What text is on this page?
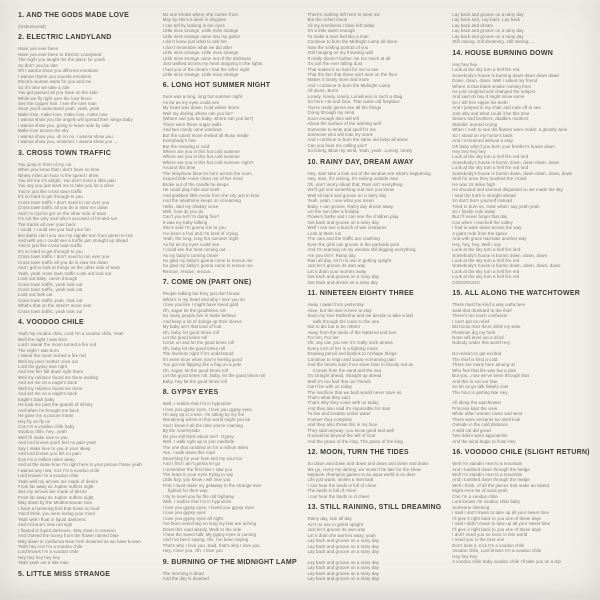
1. AND THE GODS MADE LOVE
(Instrumental)
2. ELECTRIC LANDYLAND
Have you ever been
Have you ever been to Electric Landyland
The night you taught me the place for youth
So don't you be late
Oh I wanna show you different emotions
I wanna rhyme you sounds emotions
Electric woman waits for you and me
So it's time we take a ride
You get passed all you have on the side
While we fly right over the love fence
See the copper hair, I see the love man
Soon you'll understand yeah, yeah, yeah
Make love, make love, make love, make love
I wanna show you the angels will spread their wings baby
I wanna show you, going to leave side by side
Make love across the sky
I wanna show you, uh no no, I wanna show you
I wanna show you, ummmm, I wanna show you ....
3. CROSS TOWN TRAFFIC
You jump in front of my car
When you know that I don't have no time
Ninety miles an hour is the speed I drive
You tell me it's alright, You don't mind a little pain
You say you just want me to take you for a drive
You're just like cross town traffic
It's so hard to get through to you
Cross town traffic I don't need to run over you
Cross town traffic all you do is slow me down
And I'm tryin'to get on the other side of town
I'm not the only soul who's accused of hit-and-run
Tire tracks all over your back
I could, I could see you had your fun
But darlin can't you see my signals turn from green to red
And with you I could see a traffic jam straight up ahead
You're just like cross town traffic
It's so hard to get through to you
Cross town traffic I don't need to run over you
Cross town traffic all you do is slow me down
And I got to look at things on the other side of town
Yeah, yeah cross town traffic Look out look out
Look out baby, comm through
Cross town traffic, yeah look out
Cross town traffic, yeah look out
Look out look out
Cross town traffic yeah, look out
What's that on the street? move over
Cross town traffic, yeah look out
4. VOODOO CHILE
Yeah my voodoo chile, Lord I'm a voodoo chile, Yeah
Well the night I was born
Lord I swear the moon turned a fire red
The night I was born
I swear the moon turned a fire red
Well my poor mother cries out
Lord the gypsy was right
And see her fall down right there
Well my reliance found me there waiting
And set me on a eagle's back
Well my reliance found me there
And set me on a eagle's back
Eagle's back baby
He took me past the guards of infinity
And when he brought me back
He gave me a picture frame
Hey fly on fly on
Cos I'm a voodoo chile baby
Voodoo chile, hey...yeah
Well I'll make love to you
And lord knows you'll feel no pain yeah
Say I make love to you in your sleep
And lord knows you felt no pain
Cos I'm a million miles away
And at the same time I'm right here in your picture frame yeah
I wanna say now, Cos I'm a voodoo chile
Lord knows I'm a voodoo chile
Yeah well my arrows are made of desire
From far away as Jupiter suffers night
See my arrows are made of desire
From far away as Jupiter suffers night
Way down by the Mediterranean Sea
I have a humming bird that hums so loud
You'd think, you were losing your mind
Yeah well I float in liquid darkness
And Arizona's new red sign
I floated in liquid darkness, Way down in Amazon
And chased the honey from the flower named blue
Way down in California New York drowned as we have known
Yeah hey cos I'm a voodoo chile
Lord knows I'm a voodoo chile
Hey hey hey hey hey
Yeah yeah out a site man
5. LITTLE MISS STRANGE
No one knows where she comes from
May by she's a devil in disguise
I can tell by looking in her eyes
Little miss strange, Little miss strange
Little miss strange came into my parlor
I don't know just what to ask her
I don't remember what we did after
Little miss strange, Little miss strange
Little miss strange came out of the darkness
Just walked across my heart stepping in the lights
I had you of the dream I had the other night
Little miss strange, Little miss strange
6. LONG HOT SUMMER NIGHT
Sure was a long, long hot summer night
As far as my eyes could see
My heart was down, Cold winter storm
Well my darling where can you be?
(Where can you be baby, where can you be?)
There were these sugar walls
And two candy cane windows
But the cutest move melted all those inside
Everybody's fine
But the snowing is cold:
Where are you in this hot cold summer
Where are you in this hot cold summer
Where are you in this hot cold summer night?
Around this time
The telephone blew its horn across the room
Scared little Annie clean out of her mind
Broke out of the candle he keeps
He could play hide and seek
And grabbed little Annie from the city just in time
And the telephone keeps on screaming
Hello, said my shakey voice
Well, how do you do
Can't you tell I'm doing fine?
It was my baby talking
She's said I'm gonna run to you
I've been a fool and I'm tired of crying
Yeah, the long, long hot summer night
As far as my eyes could see
I could see the heat coming out
As my baby's coming closer
So glad my baby's gonna come to rescue me
So glad my baby's gonna come to rescue me
Rescue, rescue, rescue...
7. COME ON (PART ONE)
People talking but they just don't know
What's in my heart and why I love you so
I love you like I might have loved gold
Oh, sugar let the goodtimes roll
So many people live in make believe
And keep a lot of doings up their sleeve
My baby ain't that kind of fool
Oh, baby, let good times roll
Let the good times roll
Come on and let the good times roll
Oh, baby let the good times roll
The loveless night if it's understood
It's even nicer when you're feeling good
You got me flipping like a flag on a pole
Oh, sugar, let the good times roll
Let the good times roll, Baby, let the good times roll
Baby, hey let the good times roll
8. GYPSY EYES
Well, I realize that I'm in hypnotize
I love you gypsy eyes, I love you gypsy eyes
I'm way up in a tree, I'm sitting by my fire
Wondering where in this world might you be
And I know it all the time you're roaming
By the countryside
Do you still think about me?  Gypsy
Well, I walk right up to you roadside
The one that rambled on for a million miles
Yes, I walk down this road
Searching for your love and my soul too
And I find I ain't gonna let go
I remember the first time I saw you
The tears in your eyes trying to say
Little boy, you know I will love you
First I must make my getaway to the strange men
fighted for their way
I try to meet you by the old highway
Well, I realize that I'm in hypnotize
I love you gypsy eyes, I loved you gypsy eyes
I love you gypsy eyes
I love you gypsy eyes all night
I've been searching so long my feet are aching
Down this road weedy, Walk to the side
I hear the sweet talk, My gypsy eyes is coming
And I've been saying, Oh, I've been saying
That's why I love you. Said, that's why I love you
Hey, I love you, Oh, I love you
9. BURNING OF THE MIDNIGHT LAMP
The morning is dead
And the day is doomed
There's nothing left here to meet me
But the velvet moon
All my loneliness I have felt today
It's a little warm enough
To make a man feel like a man
Continue to burn the Midnight Lamp all alone
Now the smiling portrait of you
Still hanging on my frowning wall
It really doesn't bother me too much at all
It's just the ever falling dust
That makes it so hard for me to see
That the fact that these ain't men on the floor
Makes it lonely more and more
And I continue to burn the Midnight Lamp
All alone, Burn!
Lonely, lonely, lonely, Loneliness is such a drag
So here I sit and face, That same old fireplace
You're really gonna see all the things
Going through my mind
Soon enough time will tell
About the surface of the wishing well
Someone to write and spell for me
Someone who will loan my stone
And I continue to burn the same old lamp all alone
Can you hear me calling you?
So lonely, Blow my mind, Yeah, yeah...Lonely, lonely
10. RAINY DAY, DREAM AWAY
Hey, man take a look out of the window see what's happening
Hey, man, it's raining, it's raining outside man
Oh, don't worry about that, Rain isn't everything
We'll got into something real nice you know
Well sit back and groove on a rainy day
Yeah, yeah, I see what you mean
Baby, I can groove, Rainy day dream away
Let the sun take a holiday
Flowers bathe and I can see the children play
Get back and groove on a rainy day
Well I can see a bunch of wet creatures
Look at them run
The cars and the traffic are crashing
Even the girls can groove in the parkside pool
And I'm teaming on my window still digging everything
Are you trin?, Rainy day
Rain all day, Ain't no use in getting uptight
Just let it groove its own way
Let it drain your worries away
Get back and groove on a rainy day
Get back and dream on a rainy day
11. NINETEEN EIGHTY THREE
Away I await from yesterday
Alive, but the war is here to stay
Soon my love Katherina and me decide to take a last
walk through the noise to the sea
Not to die but to be reborn
Away from the lands of the battered and torn
For her, For her
Oh, say can you see it's really such amess
Every inch of her is a fighting mess
Drawing pencil and lipstick to reshape things
Continue to reign and cause screaming pain
And the hearts stain from silver blue to bloody red as
it beats from the sand and the sea
It's straight ahead, Straight up ahead
Well it's too bad that our friends
Can't be with us today
The machine that we built would never save us
That's what they said
That's why they come with us today
And they also said it's impossible for man
To live and breathe under water
Forever they complain
And they also threw this in my face
They said anyway: you know good and well
It would be beyond the will of God
And the grace of the king, The grace of the king
12. MOON, TURN THE TIDES
So down and down and down and down and down and down
We go, Hurry my darling, we mustn't be late for the show
Neptune champion games to an aqua world is so dear
Life just warts, smiles a mermaid
I can hear the lands is full of cheer
The lands is full of cheer
I can hear the lands is of cheer
13. STILL RAINING, STILL DREAMING
Rainy day, rain all day
Ain't no use in gettin uptight
Just let it groove its own way
Let it drain the worries away, yeah
Lay back and groove on a rainy day
Lay back and groove on a rainy day
Lay back and groove on a rainy day

Lay back and groove on a rainy day
Lay back and groove on a rainy day
Lay back and groove on a rainy day
Lay back and groove on a rainy day
Lay back and groove on a rainy day
Lay back and, Lay back, Lay back
Lay back and dream
Lay back and groove on a rainy day
Lay back and groove on a rainy day
Still raining, still dreaming, still raining.....
14. HOUSE BURNING DOWN
Hey hey hey
Look at the sky turn a hell fire red
Somebody's house is burning down down down down
Down, down, down, Well I asked my friend
Where is that black smoke coming from
He just coughed and changed the subject
And said oh boy it might snow some
So I left him sippin his teeth
And I jumped in my chair and rode off to see
Just why and what could it be this time
Sisters and brothers, daddies mothers
Standin' around crying
When I rush to see the flames were makin' a ghostly wine
So I stood on my horse's back
And I screamed without a stop
Oh baby why'd you burn your brother's house down
Hey hey hey hey
Look at the sky turn a hell fire red lord
Somebody's house is burnin down, down down, down
Look at the sky turn a hell fire red lord
Somebody's house is burnin down, down down, down, down
Well for once they toushed the crowd
He was 19 miles high
He shouted and seemed disgusted so we made the sky
I said the truth is straight ahead
So don't burn yourself instead
Tried to burn us, Hear what I say yeah yeah
So I finally rode away
But I'll never forget that day
Cos when I reached the valley
I had to wate down across the way
A giant rode from the space
And with grace had take another way
Hey, hey, hey, Well I say
Look at the sky turn a hell fire lord
Somebody's house is burnin down, down, down
Look at the sky turn a hell fire red
Somebody's house is burnin down, down, down, down
Look at the sky turn a hell fire red
Look at the sky turn a hell fire red
OOOOOOOO
15. ALL ALONG THE WATCHTOWER
There must be kind a way outta here
Said that drunkard to the thief
There's too much confusion
I can't get no relief
Bizzness man there drink my wine
Plowman dig my herb
None will level out a mind
Nobody under this world Hey

No reason to get excited
The thief is kind a cold
There are many here among us
Who feel that life was but a joke
But you...now we've been through that
And this is not our fate
So let us go talk falsely now
The hour is getting late Hey

All along the watchtower
Princess kept the view
While other women came and went
There were servants too Well look
Outside in the cold distance
A wild cat did growl
Two riders were approachin
And the wind begin to howl Hey
16. VOODOO CHILE (SLIGHT RETURN)
Well I'm standin next to a mountain
And I tumbled down through the hedge
Well I'm standin next to a mountain
And I tumbled down through the hedge
Well I think, of all the pieces that make an island
Might even be of sand yeah
Cos I'm a voodoo chile
Lord knows I'm voodoo chile baby
Someone listening
I said I don't mean to take up all your sweet time
I'll give it right back to you one of these days
I said I didn't mean to take up all your sweet time
I'll give it right back to you one of these days
I don't need you no more in this world
I need you in the next one
Don't beat it, Cos I'm a voodoo chile
Voodoo chile, Lord knows I'm a voodoo chile
Hey hey hey
A voodoo chile baby voodoo chile I'll take you on a trip
